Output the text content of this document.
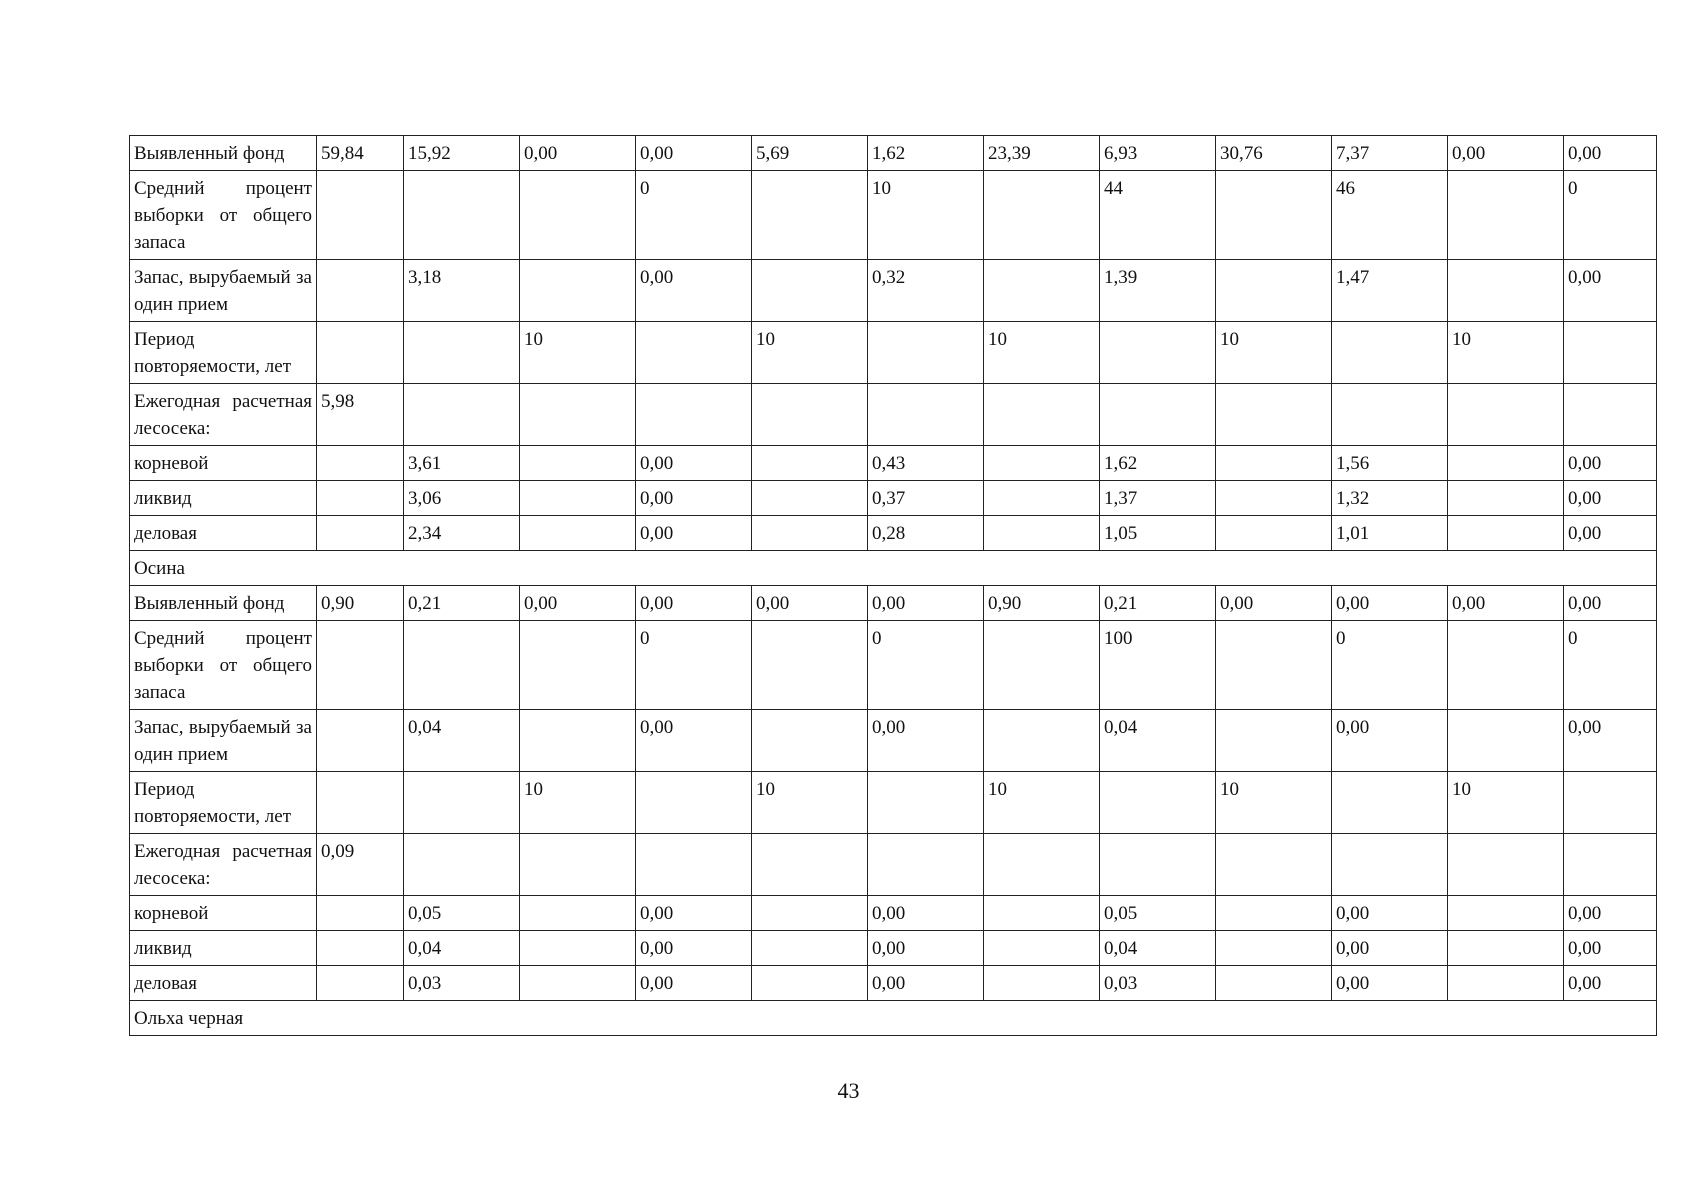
Выявленный фонд	59,84	15,92	0,00	0,00	5,69	1,62	23,39	6,93	30,76	7,37	0,00	0,00
Средний процент выборки от общего запаса				0		10		44		46		0
Запас, вырубаемый за один прием		3,18		0,00		0,32		1,39		1,47		0,00
Период повторяемости, лет			10		10		10		10		10	
Ежегодная расчетная лесосека:	5,98											
корневой		3,61		0,00		0,43		1,62		1,56		0,00
ликвид		3,06		0,00		0,37		1,37		1,32		0,00
деловая		2,34		0,00		0,28		1,05		1,01		0,00
Осина												
Выявленный фонд	0,90	0,21	0,00	0,00	0,00	0,00	0,90	0,21	0,00	0,00	0,00	0,00
Средний процент выборки от общего запаса				0		0		100		0		0
Запас, вырубаемый за один прием		0,04		0,00		0,00		0,04		0,00		0,00
Период повторяемости, лет			10		10		10		10		10	
Ежегодная расчетная лесосека:	0,09											
корневой		0,05		0,00		0,00		0,05		0,00		0,00
ликвид		0,04		0,00		0,00		0,04		0,00		0,00
деловая		0,03		0,00		0,00		0,03		0,00		0,00
Ольха черная												
43
